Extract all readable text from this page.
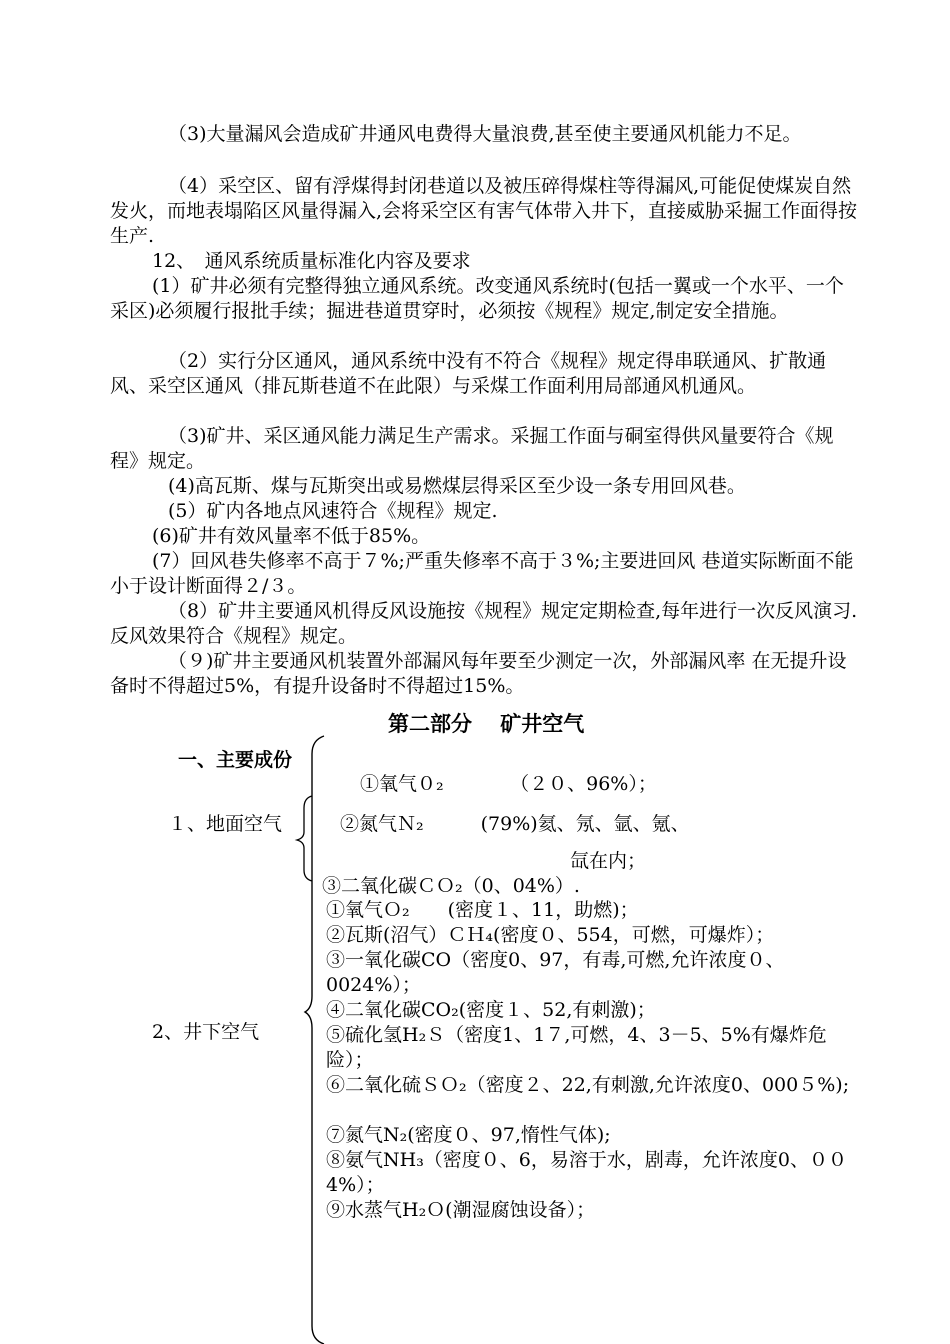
（3)大量漏风会造成矿井通风电费得大量浪费,甚至使主要通风机能力不足。

（4）采空区、留有浮煤得封闭巷道以及被压碎得煤柱等得漏风,可能促使煤炭自然发火，而地表塌陷区风量得漏入,会将采空区有害气体带入井下，直接威胁采掘工作面得按生产.

12、　通风系统质量标准化内容及要求

(1）矿井必须有完整得独立通风系统。改变通风系统时(包括一翼或一个水平、一个采区)必须履行报批手续；掘进巷道贯穿时，必须按《规程》规定,制定安全措施。

（2）实行分区通风，通风系统中没有不符合《规程》规定得串联通风、扩散通风、采空区通风（排瓦斯巷道不在此限）与采煤工作面利用局部通风机通风。

（3)矿井、采区通风能力满足生产需求。采掘工作面与硐室得供风量要符合《规程》规定。

(4)高瓦斯、煤与瓦斯突出或易燃煤层得采区至少设一条专用回风巷。

(5）矿内各地点风速符合《规程》规定.

(6)矿井有效风量率不低于85%。

(7）回风巷失修率不高于７%;严重失修率不高于３%;主要进回风 巷道实际断面不能小于设计断面得２/３。

（8）矿井主要通风机得反风设施按《规程》规定定期检查,每年进行一次反风演习.反风效果符合《规程》规定。

（９)矿井主要通风机装置外部漏风每年要至少测定一次，外部漏风率 在无提升设备时不得超过5%，有提升设备时不得超过15%。

第二部分　 矿井空气
一、主要成份
１、地面空气
①氧气０₂　　　　（２０、96%）；
②氮气Ｎ₂　　　(79%)氦、氖、氩、氪、
氙在内；
③二氧化碳ＣＯ₂（0、04%）.
2、井下空气
①氧气Ｏ₂　　(密度１、11，助燃)；
②瓦斯(沼气）ＣＨ₄(密度０、554，可燃，可爆炸）；
③一氧化碳CO（密度0、97，有毒,可燃,允许浓度０、0024%）；
④二氧化碳CO₂(密度１、52,有刺激)；
⑤硫化氢H₂Ｓ（密度1、1７,可燃，4、3－5、5%有爆炸危险）；
⑥二氧化硫ＳＯ₂（密度２、22,有刺激,允许浓度0、000５%);
⑦氮气N₂(密度０、97,惰性气体);
⑧氨气NH₃（密度０、6，易溶于水，剧毒，允许浓度0、００4%）；
⑨水蒸气H₂Ｏ(潮湿腐蚀设备）；
